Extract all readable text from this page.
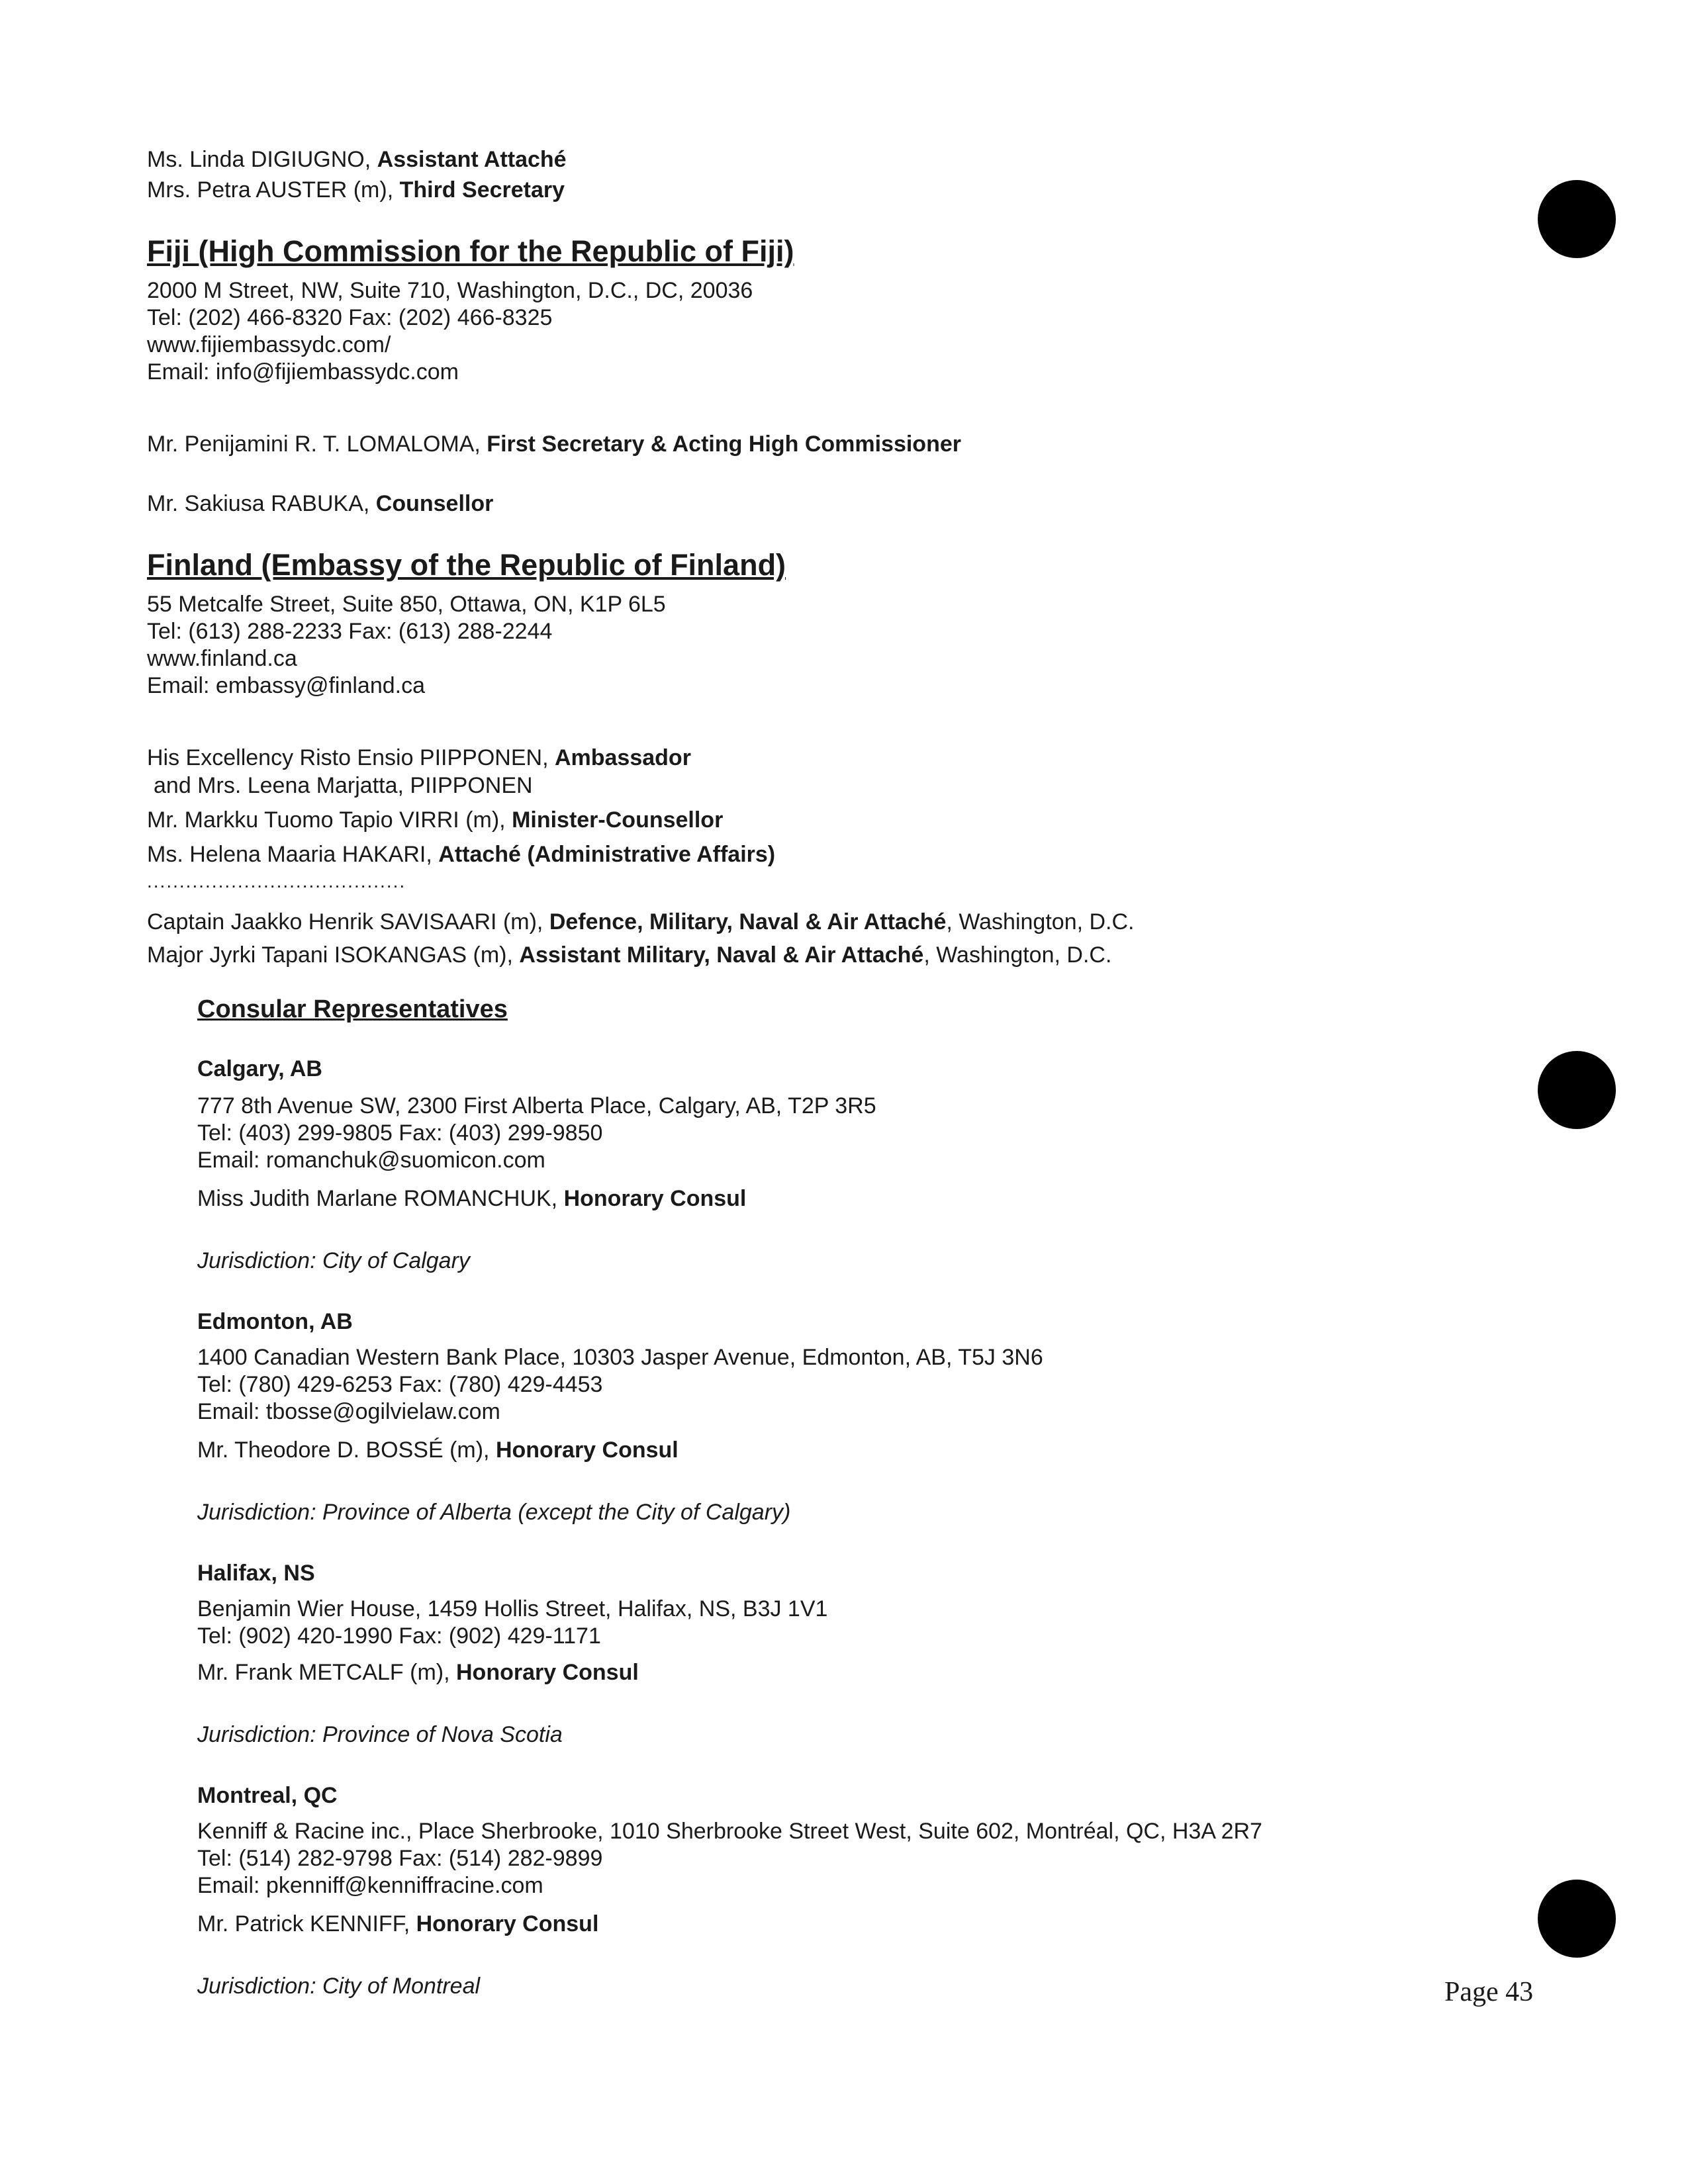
Ms. Linda DIGIUGNO, Assistant Attaché
Mrs. Petra AUSTER (m), Third Secretary
Fiji (High Commission for the Republic of Fiji)
2000 M Street, NW, Suite 710, Washington, D.C., DC, 20036
Tel: (202) 466-8320 Fax: (202) 466-8325
www.fijiembassydc.com/
Email: info@fijiembassydc.com
Mr. Penijamini R. T. LOMALOMA, First Secretary & Acting High Commissioner
Mr. Sakiusa RABUKA, Counsellor
Finland (Embassy of the Republic of Finland)
55 Metcalfe Street, Suite 850, Ottawa, ON, K1P 6L5
Tel: (613) 288-2233 Fax: (613) 288-2244
www.finland.ca
Email: embassy@finland.ca
His Excellency Risto Ensio PIIPPONEN, Ambassador
and Mrs. Leena Marjatta, PIIPPONEN
Mr. Markku Tuomo Tapio VIRRI (m), Minister-Counsellor
Ms. Helena Maaria HAKARI, Attaché (Administrative Affairs)
........................................
Captain Jaakko Henrik SAVISAARI (m), Defence, Military, Naval & Air Attaché, Washington, D.C.
Major Jyrki Tapani ISOKANGAS (m), Assistant Military, Naval & Air Attaché, Washington, D.C.
Consular Representatives
Calgary, AB
777 8th Avenue SW, 2300 First Alberta Place, Calgary, AB, T2P 3R5
Tel: (403) 299-9805 Fax: (403) 299-9850
Email: romanchuk@suomicon.com
Miss Judith Marlane ROMANCHUK, Honorary Consul
Jurisdiction: City of Calgary
Edmonton, AB
1400 Canadian Western Bank Place, 10303 Jasper Avenue, Edmonton, AB, T5J 3N6
Tel: (780) 429-6253 Fax: (780) 429-4453
Email: tbosse@ogilvielaw.com
Mr. Theodore D. BOSSÉ (m), Honorary Consul
Jurisdiction: Province of Alberta (except the City of Calgary)
Halifax, NS
Benjamin Wier House, 1459 Hollis Street, Halifax, NS, B3J 1V1
Tel: (902) 420-1990 Fax: (902) 429-1171
Mr. Frank METCALF (m), Honorary Consul
Jurisdiction: Province of Nova Scotia
Montreal, QC
Kenniff & Racine inc., Place Sherbrooke, 1010 Sherbrooke Street West, Suite 602, Montréal, QC, H3A 2R7
Tel: (514) 282-9798 Fax: (514) 282-9899
Email: pkenniff@kenniffracine.com
Mr. Patrick KENNIFF, Honorary Consul
Jurisdiction: City of Montreal	Page 43
